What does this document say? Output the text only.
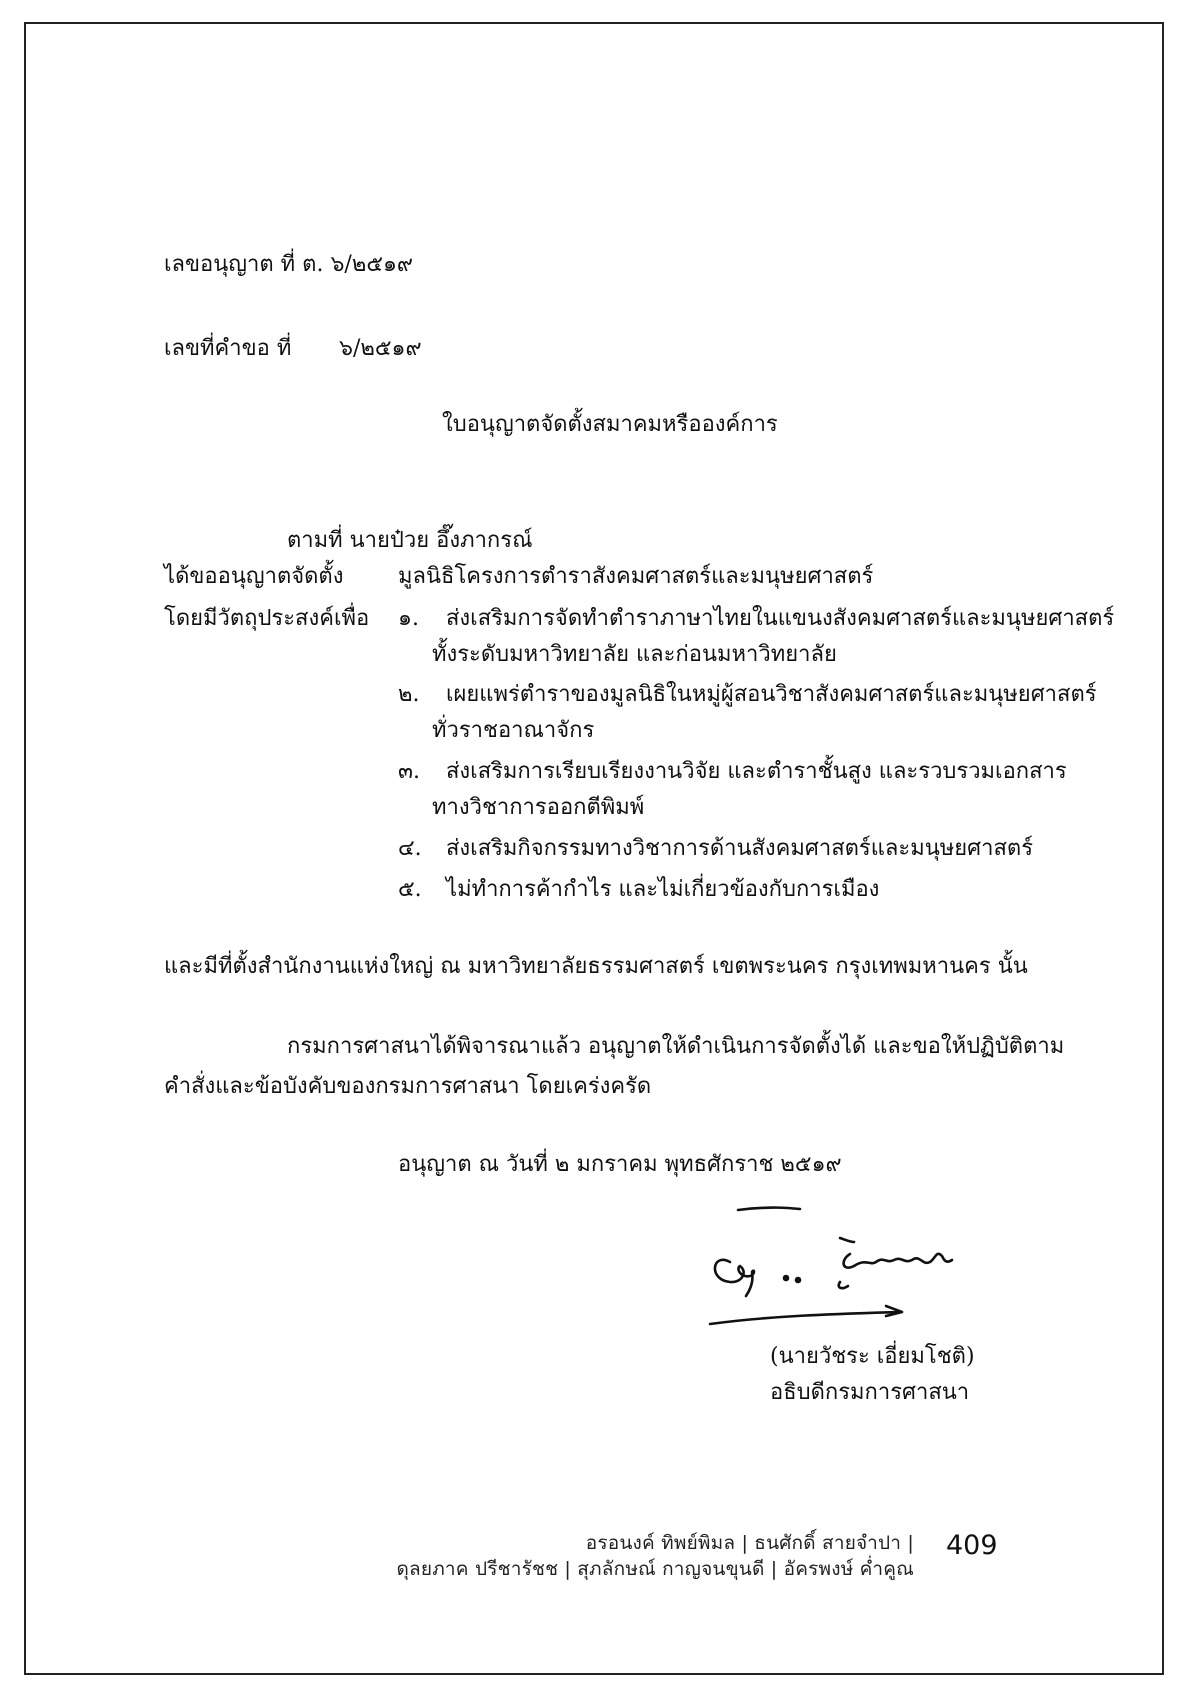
เลขอนุญาต ที่ ต. ๖/๒๕๑๙
เลขที่คำขอ ที่ ๖/๒๕๑๙
ใบอนุญาตจัดตั้งสมาคมหรือองค์การ
ตามที่ นายป๋วย อึ๊งภากรณ์
ได้ขออนุญาตจัดตั้ง มูลนิธิโครงการตำราสังคมศาสตร์และมนุษยศาสตร์
โดยมีวัตถุประสงค์เพื่อ ๑. ส่งเสริมการจัดทำตำราภาษาไทยในแขนงสังคมศาสตร์และมนุษยศาสตร์
ทั้งระดับมหาวิทยาลัย และก่อนมหาวิทยาลัย
๒. เผยแพร่ตำราของมูลนิธิในหมู่ผู้สอนวิชาสังคมศาสตร์และมนุษยศาสตร์
ทั่วราชอาณาจักร
๓. ส่งเสริมการเรียบเรียงงานวิจัย และตำราชั้นสูง และรวบรวมเอกสาร
ทางวิชาการออกตีพิมพ์
๔. ส่งเสริมกิจกรรมทางวิชาการด้านสังคมศาสตร์และมนุษยศาสตร์
๕. ไม่ทำการค้ากำไร และไม่เกี่ยวข้องกับการเมือง
และมีที่ตั้งสำนักงานแห่งใหญ่ ณ มหาวิทยาลัยธรรมศาสตร์ เขตพระนคร กรุงเทพมหานคร นั้น
กรมการศาสนาได้พิจารณาแล้ว อนุญาตให้ดำเนินการจัดตั้งได้ และขอให้ปฏิบัติตาม
คำสั่งและข้อบังคับของกรมการศาสนา โดยเคร่งครัด
อนุญาต ณ วันที่ ๒ มกราคม พุทธศักราช ๒๕๑๙
(นายวัชระ เอี่ยมโชติ)
อธิบดีกรมการศาสนา
อรอนงค์ ทิพย์พิมล | ธนศักดิ์ สายจำปา |
ดุลยภาค ปรีชารัชช | สุภลักษณ์ กาญจนขุนดี | อัครพงษ์ ค่ำคูณ
409
